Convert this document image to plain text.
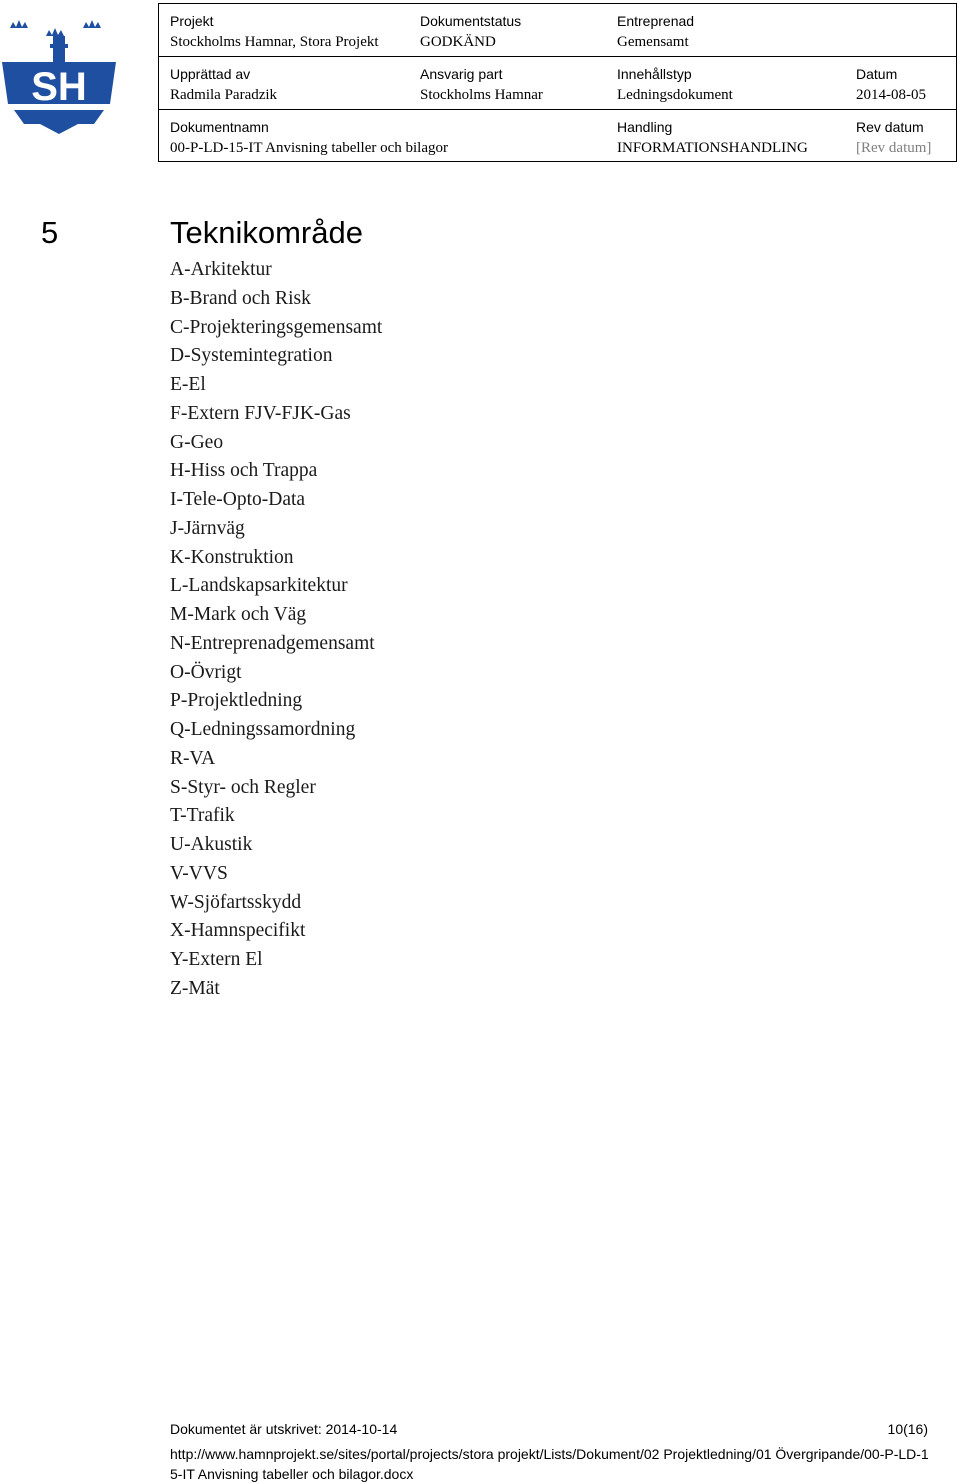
SH
Projekt
Stockholms Hamnar, Stora Projekt
Dokumentstatus
GODKÄND
Entreprenad
Gemensamt
Upprättad av
Radmila Paradzik
Ansvarig part
Stockholms Hamnar
Innehållstyp
Ledningsdokument
Datum
2014-08-05
Dokumentnamn
00-P-LD-15-IT Anvisning tabeller och bilagor
Handling
INFORMATIONSHANDLING
Rev datum
[Rev datum]
5	Teknikområde
A-Arkitektur
B-Brand och Risk
C-Projekteringsgemensamt
D-Systemintegration
E-El
F-Extern FJV-FJK-Gas
G-Geo
H-Hiss och Trappa
I-Tele-Opto-Data
J-Järnväg
K-Konstruktion
L-Landskapsarkitektur
M-Mark och Väg
N-Entreprenadgemensamt
O-Övrigt
P-Projektledning
Q-Ledningssamordning
R-VA
S-Styr- och Regler
T-Trafik
U-Akustik
V-VVS
W-Sjöfartsskydd
X-Hamnspecifikt
Y-Extern El
Z-Mät
Dokumentet är utskrivet: 2014-10-14	10(16)
http://www.hamnprojekt.se/sites/portal/projects/stora projekt/Lists/Dokument/02 Projektledning/01 Övergripande/00-P-LD-15-IT Anvisning tabeller och bilagor.docx
